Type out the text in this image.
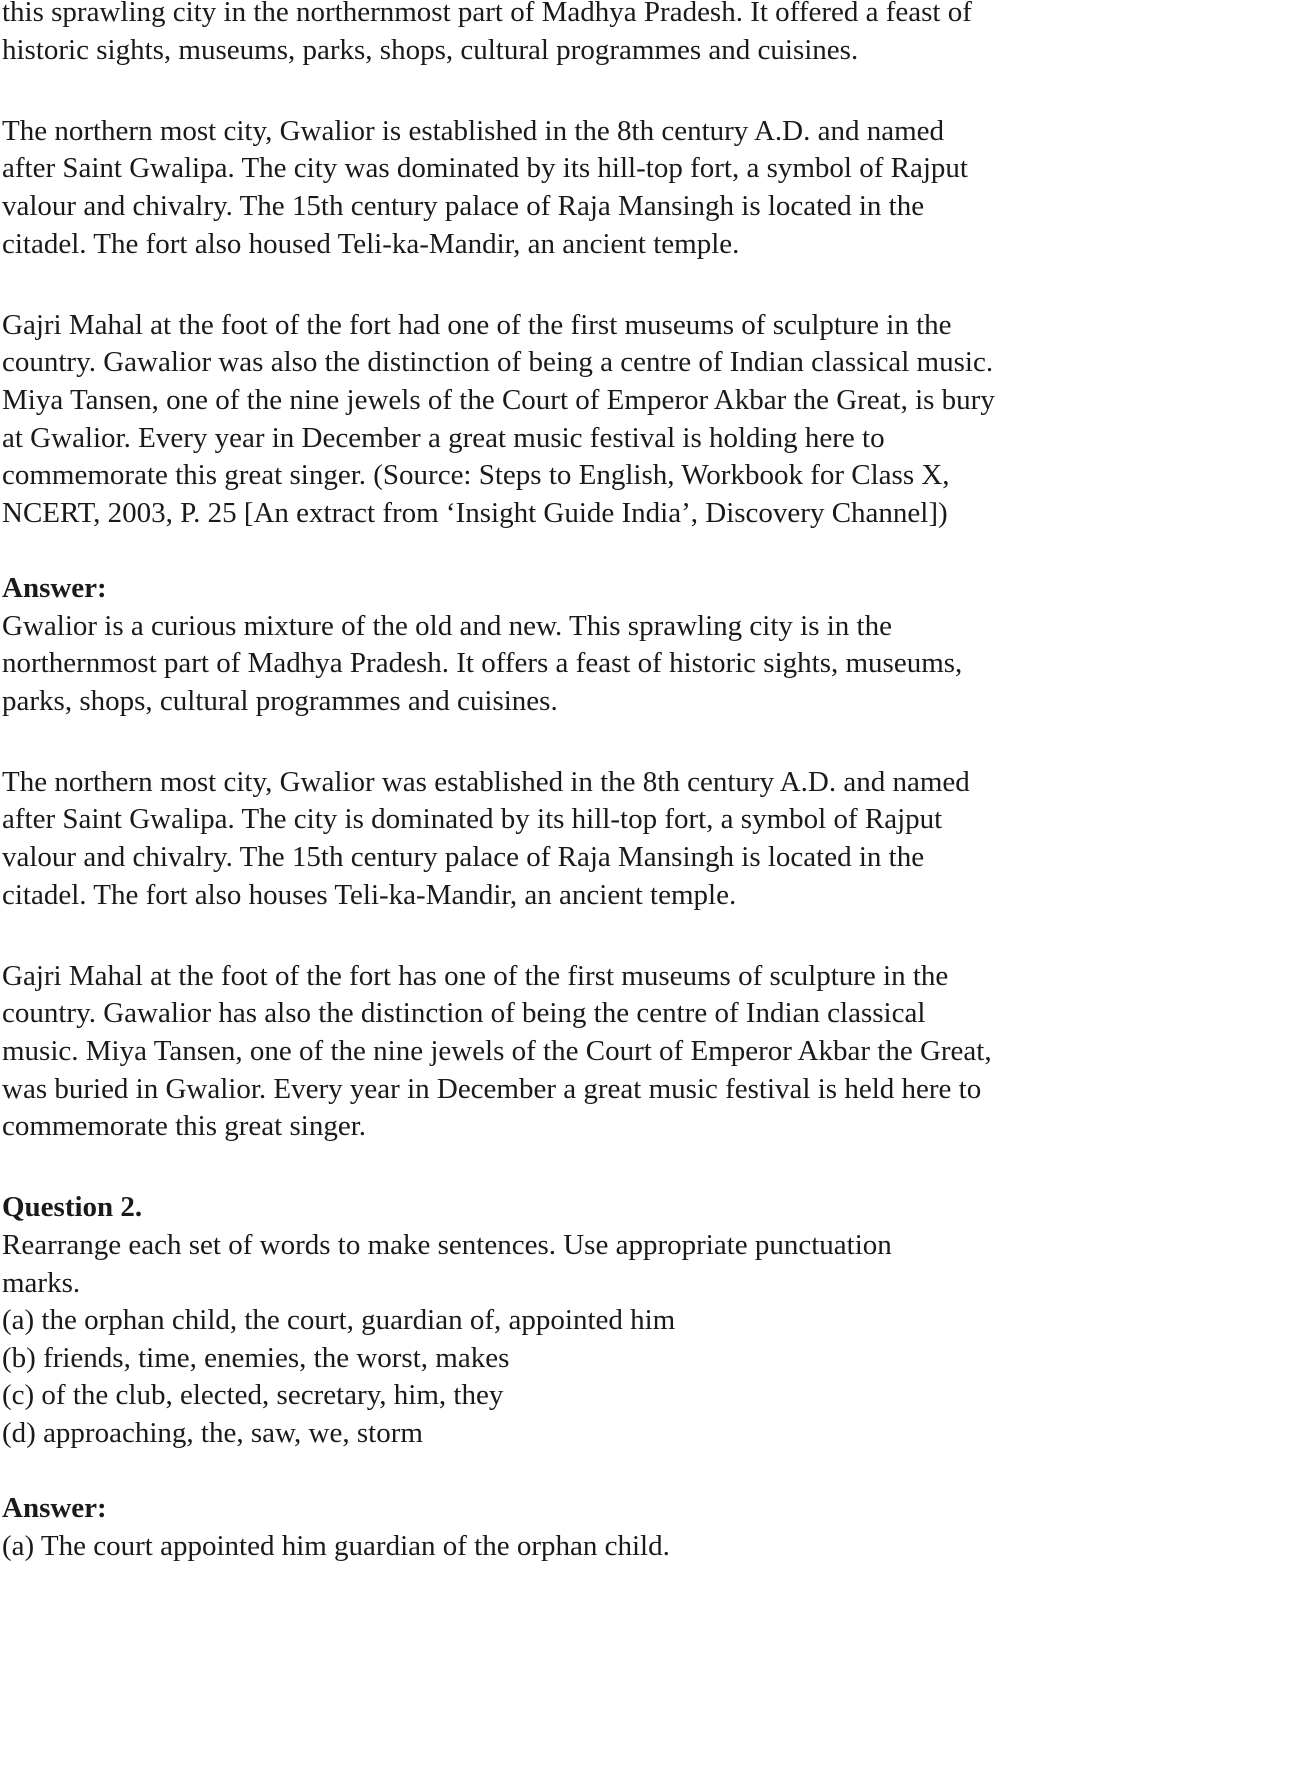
this sprawling city in the northernmost part of Madhya Pradesh. It offered a feast of
historic sights, museums, parks, shops, cultural programmes and cuisines.
The northern most city, Gwalior is established in the 8th century A.D. and named
after Saint Gwalipa. The city was dominated by its hill-top fort, a symbol of Rajput
valour and chivalry. The 15th century palace of Raja Mansingh is located in the
citadel. The fort also housed Teli-ka-Mandir, an ancient temple.
Gajri Mahal at the foot of the fort had one of the first museums of sculpture in the
country. Gawalior was also the distinction of being a centre of Indian classical music.
Miya Tansen, one of the nine jewels of the Court of Emperor Akbar the Great, is bury
at Gwalior. Every year in December a great music festival is holding here to
commemorate this great singer. (Source: Steps to English, Workbook for Class X,
NCERT, 2003, P. 25 [An extract from ‘Insight Guide India’, Discovery Channel])
Answer:
Gwalior is a curious mixture of the old and new. This sprawling city is in the
northernmost part of Madhya Pradesh. It offers a feast of historic sights, museums,
parks, shops, cultural programmes and cuisines.
The northern most city, Gwalior was established in the 8th century A.D. and named
after Saint Gwalipa. The city is dominated by its hill-top fort, a symbol of Rajput
valour and chivalry. The 15th century palace of Raja Mansingh is located in the
citadel. The fort also houses Teli-ka-Mandir, an ancient temple.
Gajri Mahal at the foot of the fort has one of the first museums of sculpture in the
country. Gawalior has also the distinction of being the centre of Indian classical
music. Miya Tansen, one of the nine jewels of the Court of Emperor Akbar the Great,
was buried in Gwalior. Every year in December a great music festival is held here to
commemorate this great singer.
Question 2.
Rearrange each set of words to make sentences. Use appropriate punctuation
marks.
(a) the orphan child, the court, guardian of, appointed him
(b) friends, time, enemies, the worst, makes
(c) of the club, elected, secretary, him, they
(d) approaching, the, saw, we, storm
Answer:
(a) The court appointed him guardian of the orphan child.
